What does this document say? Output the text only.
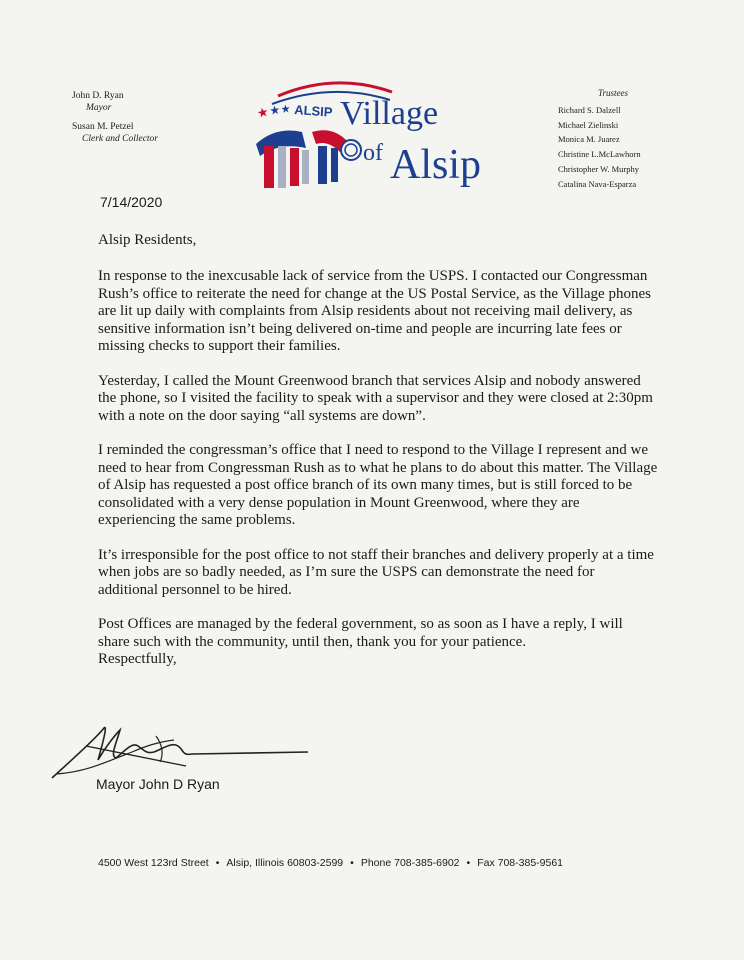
John D. Ryan
Mayor
Susan M. Petzel
Clerk and Collector
★
★ ★ ALSIP Village
of Alsip
Trustees
Richard S. Dalzell
Michael Zielinski
Monica M. Juarez
Christine L.McLawhorn
Christopher W. Murphy
Catalina Nava-Esparza
7/14/2020
Alsip Residents,

In response to the inexcusable lack of service from the USPS. I contacted our Congressman Rush’s office to reiterate the need for change at the US Postal Service, as the Village phones are lit up daily with complaints from Alsip residents about not receiving mail delivery, as sensitive information isn’t being delivered on-time and people are incurring late fees or missing checks to support their families.

Yesterday, I called the Mount Greenwood branch that services Alsip and nobody answered the phone, so I visited the facility to speak with a supervisor and they were closed at 2:30pm with a note on the door saying “all systems are down”.

I reminded the congressman’s office that I need to respond to the Village I represent and we need to hear from Congressman Rush as to what he plans to do about this matter. The Village of Alsip has requested a post office branch of its own many times, but is still forced to be consolidated with a very dense population in Mount Greenwood, where they are experiencing the same problems.

It’s irresponsible for the post office to not staff their branches and delivery properly at a time when jobs are so badly needed, as I’m sure the USPS can demonstrate the need for additional personnel to be hired.

Post Offices are managed by the federal government, so as soon as I have a reply, I will share such with the community, until then, thank you for your patience.

Respectfully,

Mayor John D Ryan
4500 West 123rd Street • Alsip, Illinois 60803-2599 • Phone 708-385-6902 • Fax 708-385-9561
